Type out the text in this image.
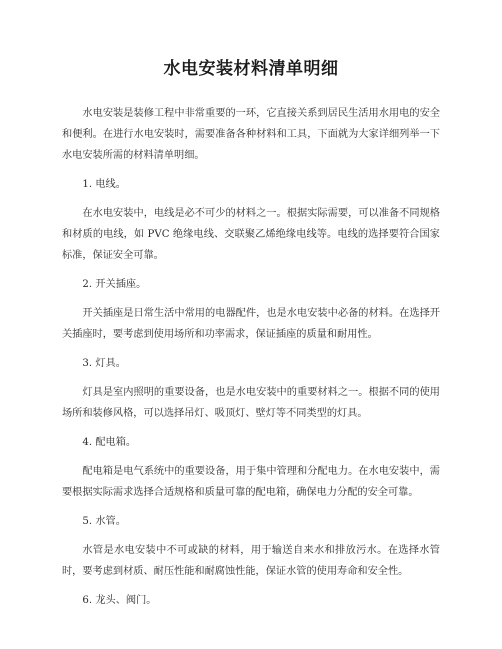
水电安装材料清单明细

水电安装是装修工程中非常重要的一环，它直接关系到居民生活用水用电的安全和便利。在进行水电安装时，需要准备各种材料和工具，下面就为大家详细列举一下水电安装所需的材料清单明细。

1. 电线。

在水电安装中，电线是必不可少的材料之一。根据实际需要，可以准备不同规格和材质的电线，如 PVC 绝缘电线、交联聚乙烯绝缘电线等。电线的选择要符合国家标准，保证安全可靠。

2. 开关插座。

开关插座是日常生活中常用的电器配件，也是水电安装中必备的材料。在选择开关插座时，要考虑到使用场所和功率需求，保证插座的质量和耐用性。

3. 灯具。

灯具是室内照明的重要设备，也是水电安装中的重要材料之一。根据不同的使用场所和装修风格，可以选择吊灯、吸顶灯、壁灯等不同类型的灯具。

4. 配电箱。

配电箱是电气系统中的重要设备，用于集中管理和分配电力。在水电安装中，需要根据实际需求选择合适规格和质量可靠的配电箱，确保电力分配的安全可靠。

5. 水管。

水管是水电安装中不可或缺的材料，用于输送自来水和排放污水。在选择水管时，要考虑到材质、耐压性能和耐腐蚀性能，保证水管的使用寿命和安全性。

6. 龙头、阀门。
